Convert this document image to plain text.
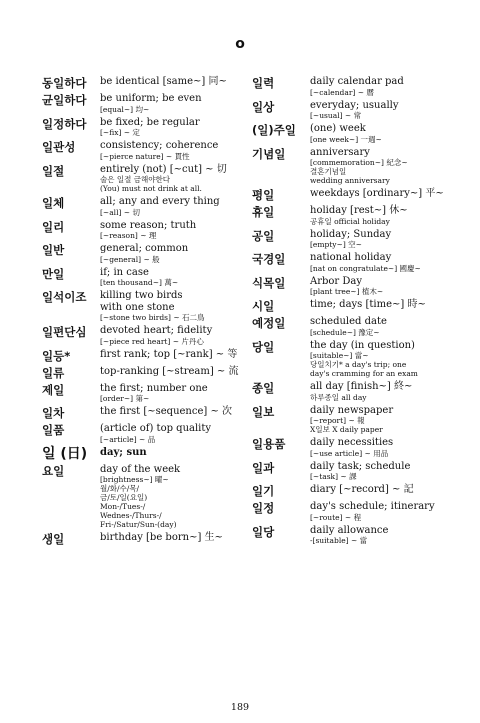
o
동일하다	be identical [same~] 同~
균일하다	be uniform; be even
[equal~] 均~
일정하다	be fixed; be regular
[~fix] ~ 定
일관성	consistency; coherence
[~pierce nature] ~ 貫性
일절	entirely (not) [~cut] ~ 切
술은 일절 금해야한다
(You) must not drink at all.
일체	all; any and every thing
[~all] ~ 切
일리	some reason; truth
[~reason] ~ 理
일반	general; common
[~general] ~ 般
만일	if; in case
[ten thousand~] 萬~
일석이조	killing two birds
with one stone
[~stone two birds] ~ 石二鳥
일편단심	devoted heart; fidelity
[~piece red heart] ~ 片丹心
일등*	first rank; top [~rank] ~ 等
일류	top-ranking [~stream] ~ 流
제일	the first; number one
[order~] 第~
일차	the first [~sequence] ~ 次
일품	(article of) top quality
[~article] ~ 品
일 (日)	day; sun
요일	day of the week
[brightness~] 曜~
월/화/수/목/
금/토/일(요일)
Mon-/Tues-/
Wednes-/Thurs-/
Fri-/Satur/Sun-(day)
생일	birthday [be born~] 生~
일력	daily calendar pad
[~calendar] ~ 曆
일상	everyday; usually
[~usual] ~ 常
(일)주일	(one) week
[one week~] 一週~
기념일	anniversary
[commemoration~] 紀念~
결혼기념일
wedding anniversary
평일	weekdays [ordinary~] 平~
휴일	holiday [rest~] 休~
공휴일 official holiday
공일	holiday; Sunday
[empty~] 空~
국경일	national holiday
[nat on congratulate~] 國慶~
식목일	Arbor Day
[plant tree~] 植木~
시일	time; days [time~] 時~
예정일	scheduled date
[schedule~] 豫定~
당일	the day (in question)
[suitable~] 當~
당일치기* a day's trip; one
day's cramming for an exam
종일	all day [finish~] 終~
하루종일 all day
일보	daily newspaper
[~report] ~ 報
X일보 X daily paper
일용품	daily necessities
[~use article] ~ 用品
일과	daily task; schedule
[~task] ~ 課
일기	diary [~record] ~ 記
일정	day's schedule; itinerary
[~route] ~ 程
일당	daily allowance
-[suitable] ~ 當
189
